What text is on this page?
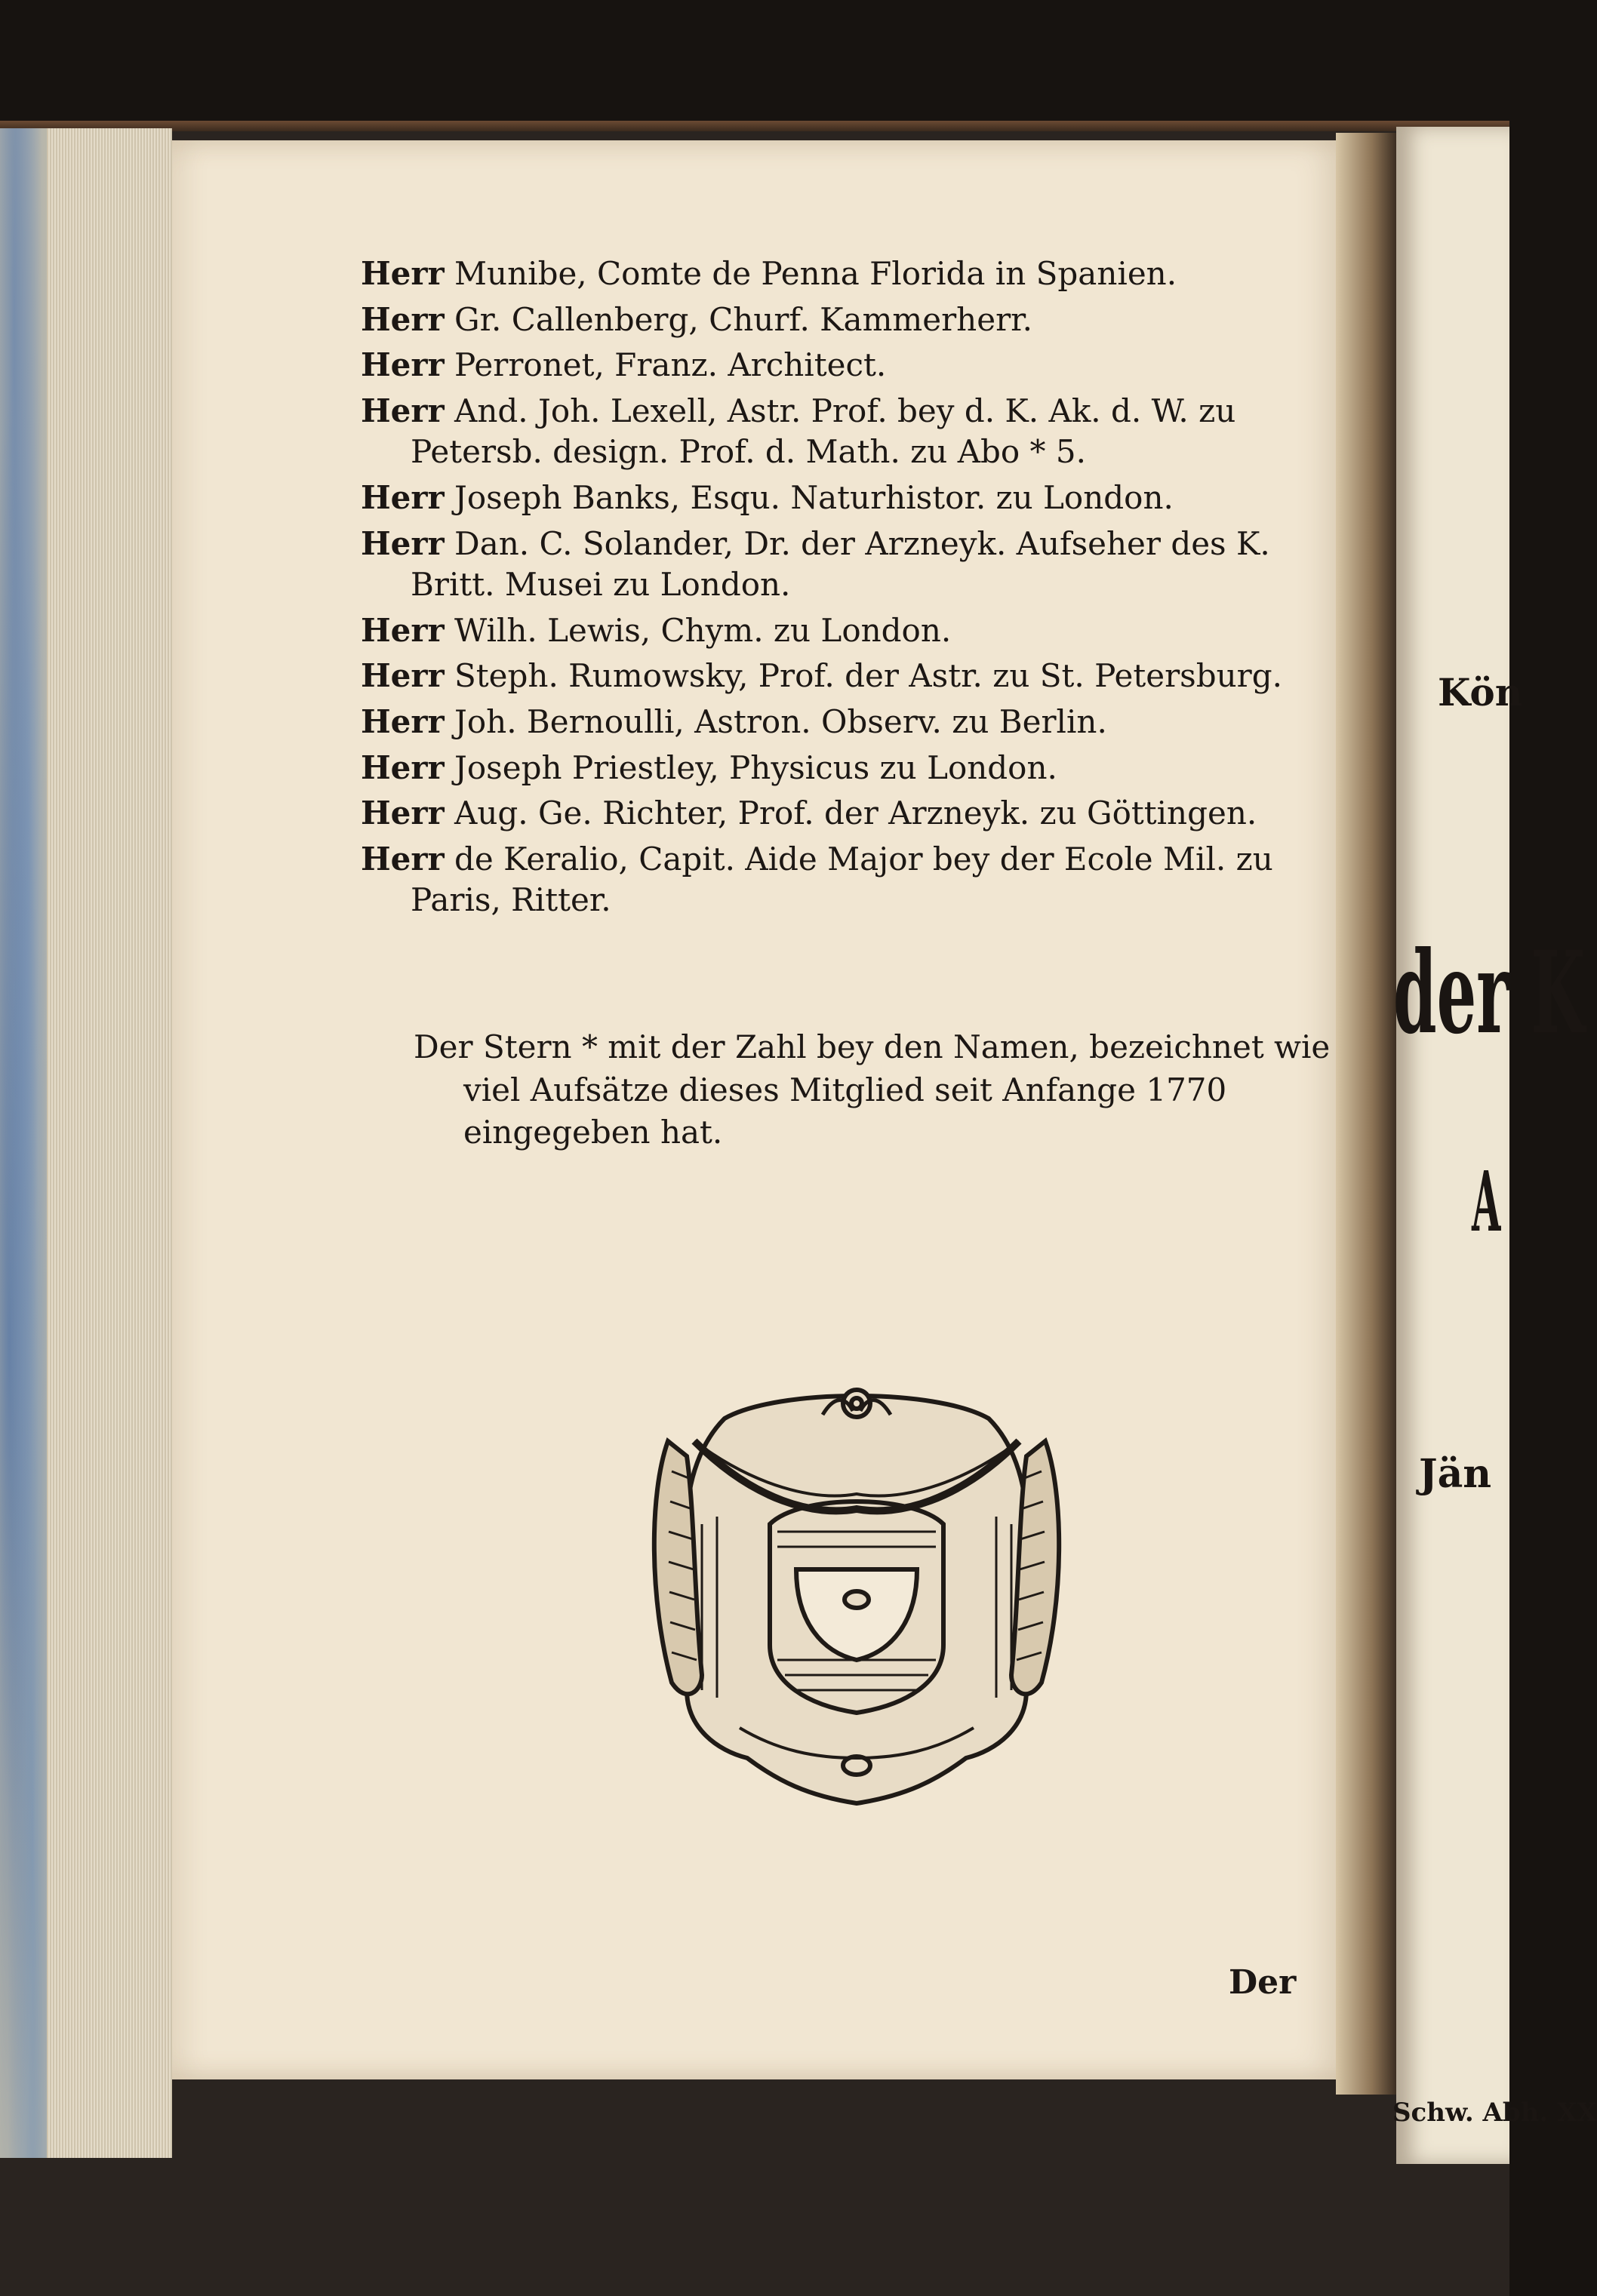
Kön
der K
A
Jän
Schw. Abh. XX
Herr Munibe, Comte de Penna Florida in Spanien.
Herr Gr. Callenberg, Churf. Kammerherr.
Herr Perronet, Franz. Architect.
Herr And. Joh. Lexell, Astr. Prof. bey d. K. Ak. d. W. zu Petersb. design. Prof. d. Math. zu Abo * 5.
Herr Joseph Banks, Esqu. Naturhistor. zu London.
Herr Dan. C. Solander, Dr. der Arzneyk. Aufseher des K. Britt. Musei zu London.
Herr Wilh. Lewis, Chym. zu London.
Herr Steph. Rumowsky, Prof. der Astr. zu St. Petersburg.
Herr Joh. Bernoulli, Astron. Observ. zu Berlin.
Herr Joseph Priestley, Physicus zu London.
Herr Aug. Ge. Richter, Prof. der Arzneyk. zu Göttingen.
Herr de Keralio, Capit. Aide Major bey der Ecole Mil. zu Paris, Ritter.
Der Stern * mit der Zahl bey den Namen, bezeichnet wie viel Aufsätze dieses Mitglied seit Anfange 1770 eingegeben hat.
Der
